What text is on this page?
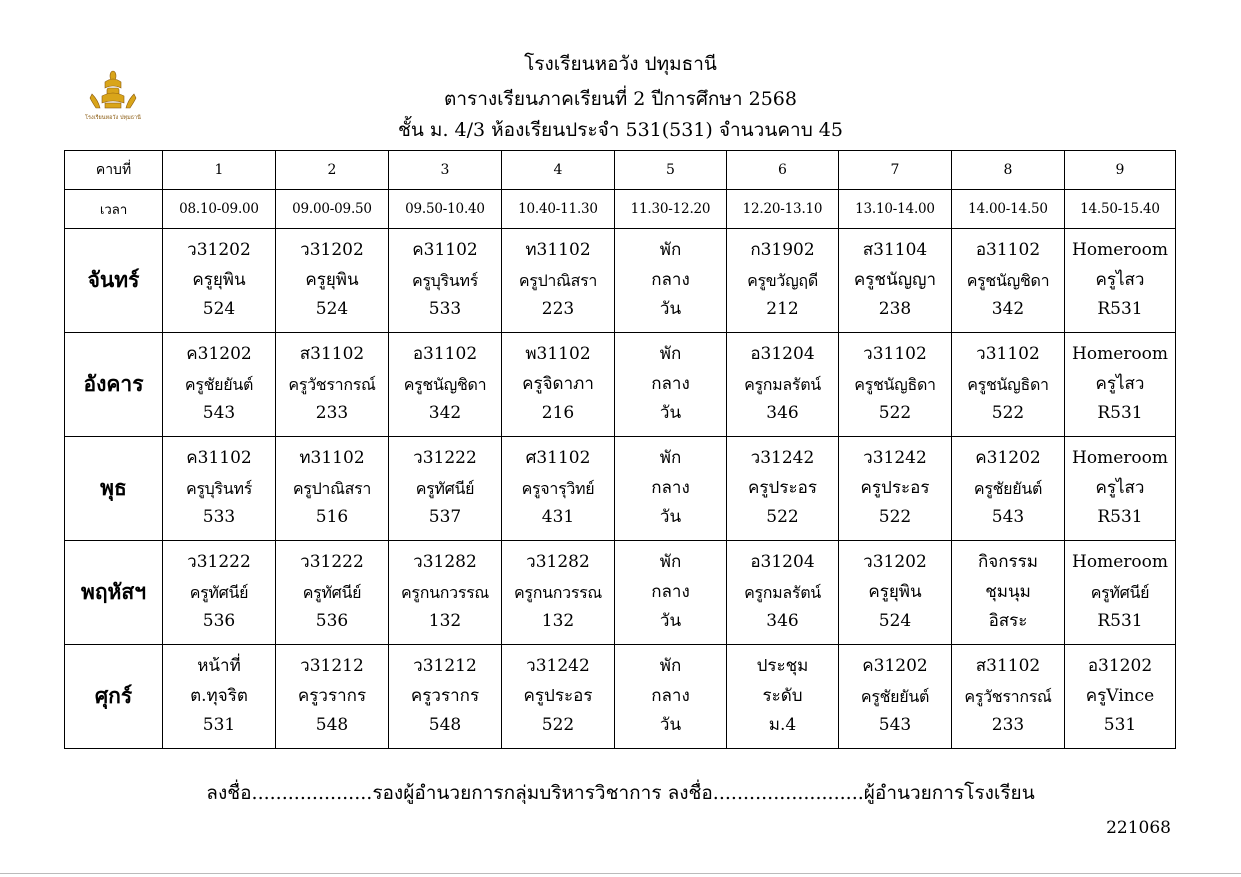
โรงเรียนหอวัง ปทุมธานี
โรงเรียนหอวัง ปทุมธานี
ตารางเรียนภาคเรียนที่ 2 ปีการศึกษา 2568
ชั้น ม. 4/3 ห้องเรียนประจำ 531(531) จำนวนคาบ 45
คาบที่	1	2	3	4	5	6	7	8	9
เวลา	08.10-09.00	09.00-09.50	09.50-10.40	10.40-11.30	11.30-12.20	12.20-13.10	13.10-14.00	14.00-14.50	14.50-15.40
จันทร์	ว31202
ครูยุพิน
524	ว31202
ครูยุพิน
524	ค31102
ครูบุรินทร์
533	ท31102
ครูปาณิสรา
223	พัก
กลาง
วัน	ก31902
ครูขวัญฤดี
212	ส31104
ครูชนัญญา
238	อ31102
ครูชนัญชิดา
342	Homeroom
ครูไสว
R531

อังคาร	ค31202
ครูชัยยันต์
543	ส31102
ครูวัชรากรณ์
233	อ31102
ครูชนัญชิดา
342	พ31102
ครูจิดาภา
216	พัก
กลาง
วัน	อ31204
ครูกมลรัตน์
346	ว31102
ครูชนัญธิดา
522	ว31102
ครูชนัญธิดา
522	Homeroom
ครูไสว
R531

พุธ	ค31102
ครูบุรินทร์
533	ท31102
ครูปาณิสรา
516	ว31222
ครูทัศนีย์
537	ศ31102
ครูจารุวิทย์
431	พัก
กลาง
วัน	ว31242
ครูประอร
522	ว31242
ครูประอร
522	ค31202
ครูชัยยันต์
543	Homeroom
ครูไสว
R531

พฤหัสฯ	ว31222
ครูทัศนีย์
536	ว31222
ครูทัศนีย์
536	ว31282
ครูกนกวรรณ
132	ว31282
ครูกนกวรรณ
132	พัก
กลาง
วัน	อ31204
ครูกมลรัตน์
346	ว31202
ครูยุพิน
524	กิจกรรม
ชุมนุม
อิสระ	Homeroom
ครูทัศนีย์
R531

ศุกร์	หน้าที่
ต.ทุจริต
531	ว31212
ครูวรากร
548	ว31212
ครูวรากร
548	ว31242
ครูประอร
522	พัก
กลาง
วัน	ประชุม
ระดับ
ม.4	ค31202
ครูชัยยันต์
543	ส31102
ครูวัชรากรณ์
233	อ31202
ครูVince
531
ลงชื่อ....................รองผู้อำนวยการกลุ่มบริหารวิชาการ ลงชื่อ.........................ผู้อำนวยการโรงเรียน
221068
